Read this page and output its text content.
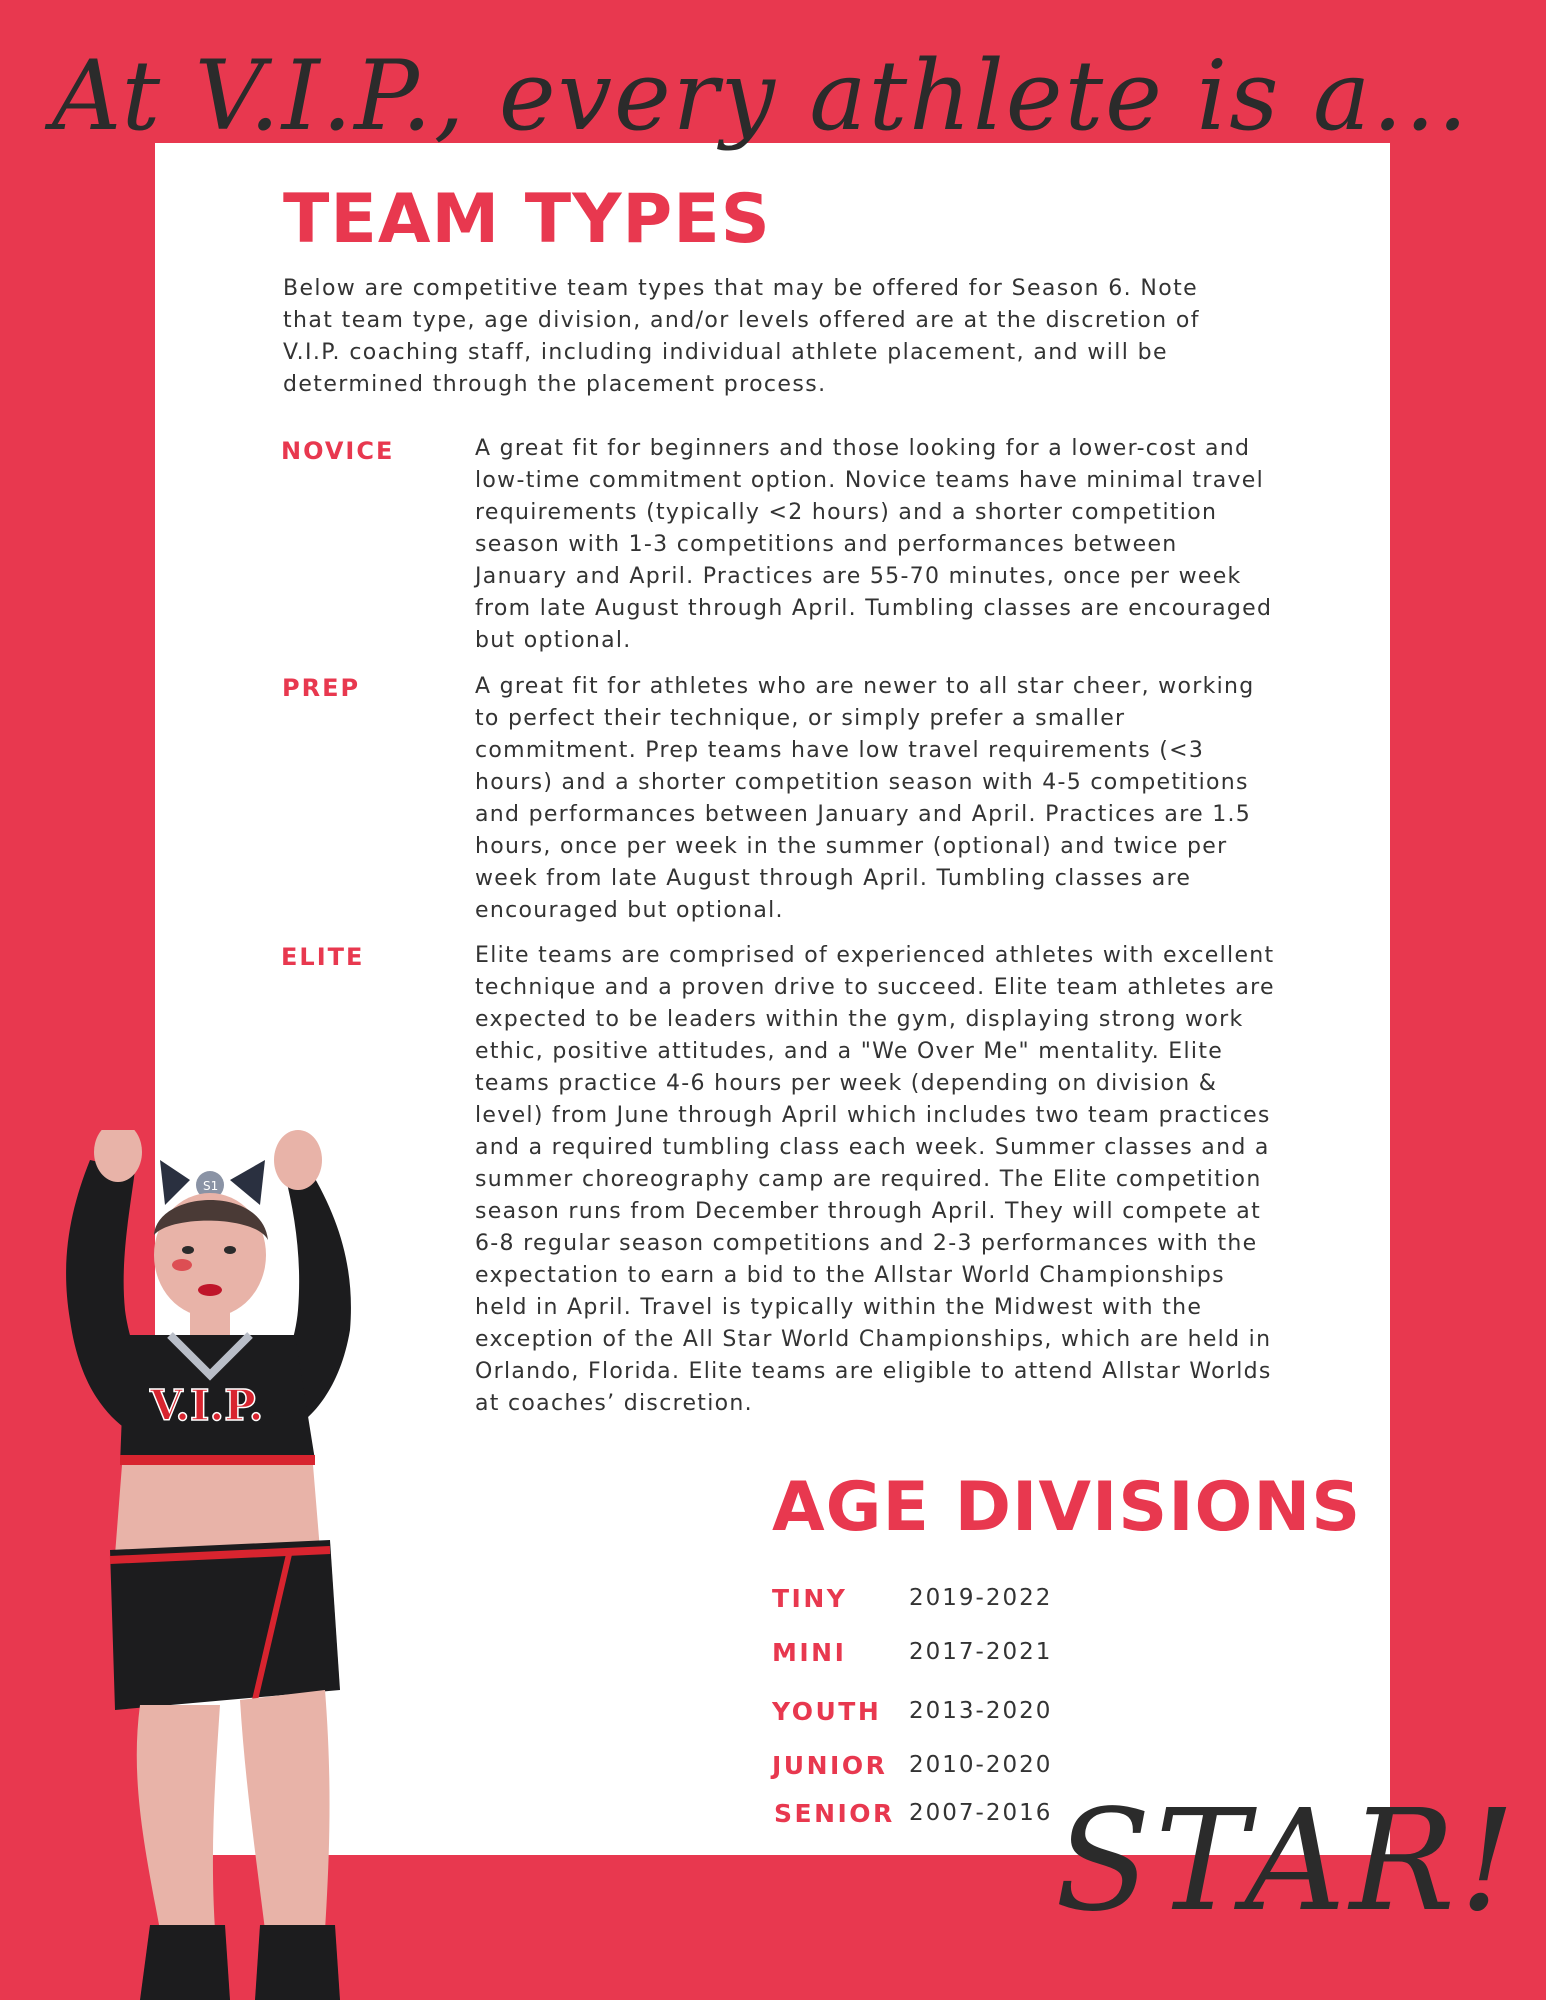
At V.I.P., every athlete is a...
TEAM TYPES
Below are competitive team types that may be offered for Season 6. Note that team type, age division, and/or levels offered are at the discretion of V.I.P. coaching staff, including individual athlete placement, and will be determined through the placement process.
NOVICE	A great fit for beginners and those looking for a lower-cost and low-time commitment option. Novice teams have minimal travel requirements (typically <2 hours) and a shorter competition season with 1-3 competitions and performances between January and April. Practices are 55-70 minutes, once per week from late August through April. Tumbling classes are encouraged but optional.
PREP	A great fit for athletes who are newer to all star cheer, working to perfect their technique, or simply prefer a smaller commitment. Prep teams have low travel requirements (<3 hours) and a shorter competition season with 4-5 competitions and performances between January and April. Practices are 1.5 hours, once per week in the summer (optional) and twice per week from late August through April. Tumbling classes are encouraged but optional.
ELITE	Elite teams are comprised of experienced athletes with excellent technique and a proven drive to succeed. Elite team athletes are expected to be leaders within the gym, displaying strong work ethic, positive attitudes, and a "We Over Me" mentality. Elite teams practice 4-6 hours per week (depending on division & level) from June through April which includes two team practices and a required tumbling class each week. Summer classes and a summer choreography camp are required. The Elite competition season runs from December through April. They will compete at 6-8 regular season competitions and 2-3 performances with the expectation to earn a bid to the Allstar World Championships held in April. Travel is typically within the Midwest with the exception of the All Star World Championships, which are held in Orlando, Florida. Elite teams are eligible to attend Allstar Worlds at coaches’ discretion.
AGE DIVISIONS
TINY	2019-2022
MINI	2017-2021
YOUTH 2013-2020
JUNIOR 2010-2020
SENIOR 2007-2016 STAR!
S1
V.I.P.
